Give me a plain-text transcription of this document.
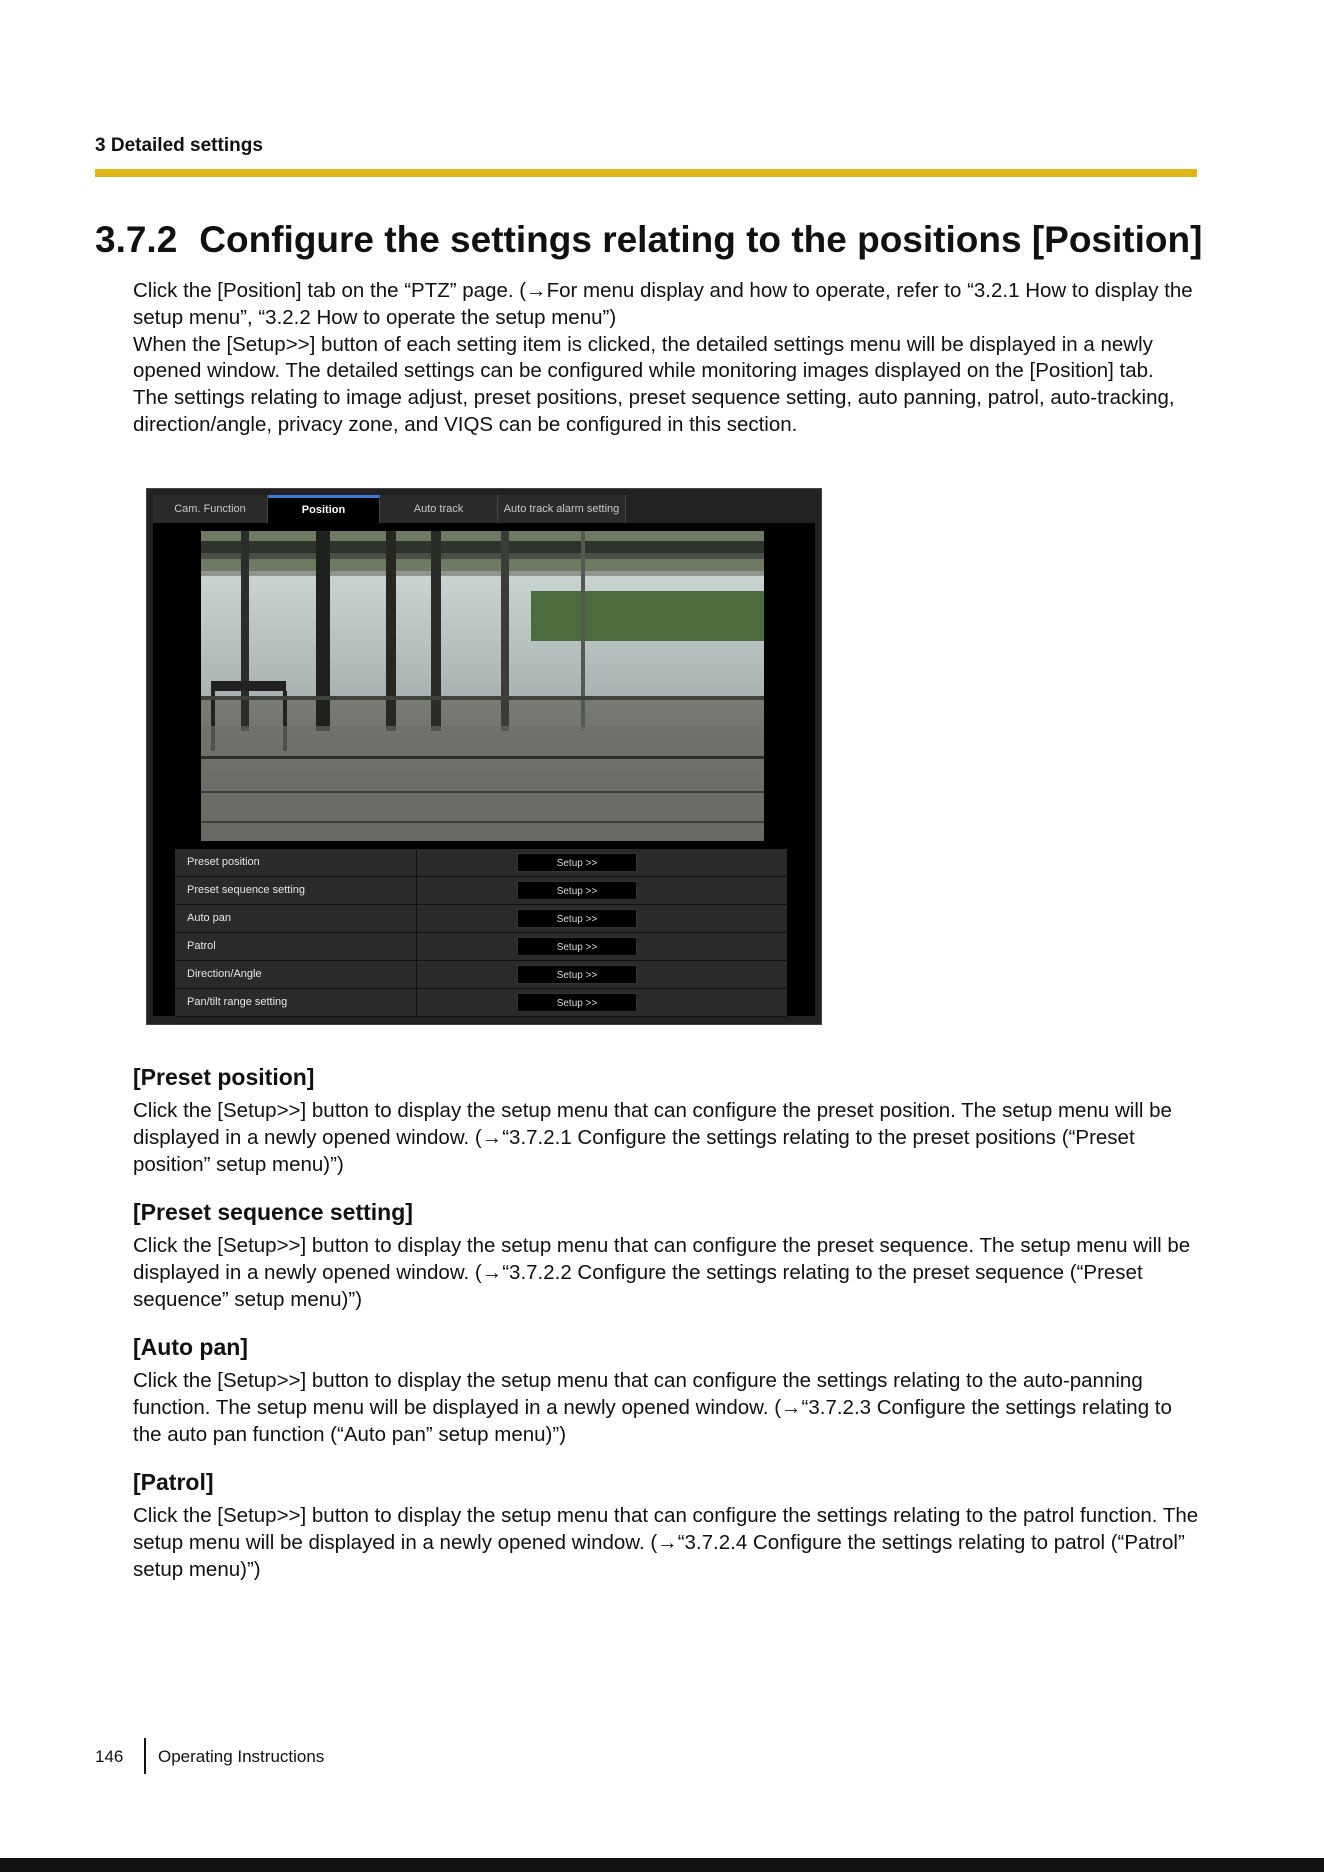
3 Detailed settings
3.7.2 Configure the settings relating to the positions [Position]

Click the [Position] tab on the “PTZ” page. (→For menu display and how to operate, refer to “3.2.1 How to display the setup menu”, “3.2.2 How to operate the setup menu”)

When the [Setup>>] button of each setting item is clicked, the detailed settings menu will be displayed in a newly opened window. The detailed settings can be configured while monitoring images displayed on the [Position] tab.

The settings relating to image adjust, preset positions, preset sequence setting, auto panning, patrol, auto-tracking, direction/angle, privacy zone, and VIQS can be configured in this section.

Cam. Function	Position	Auto track	Auto track alarm setting
Preset position	Setup >>
Preset sequence setting	Setup >>
Auto pan	Setup >>
Patrol	Setup >>
Direction/Angle	Setup >>
Pan/tilt range setting	Setup >>
[Preset position]

Click the [Setup>>] button to display the setup menu that can configure the preset position. The setup menu will be displayed in a newly opened window. (→“3.7.2.1 Configure the settings relating to the preset positions (“Preset position” setup menu)”)

[Preset sequence setting]

Click the [Setup>>] button to display the setup menu that can configure the preset sequence. The setup menu will be displayed in a newly opened window. (→“3.7.2.2 Configure the settings relating to the preset sequence (“Preset sequence” setup menu)”)

[Auto pan]

Click the [Setup>>] button to display the setup menu that can configure the settings relating to the auto-panning function. The setup menu will be displayed in a newly opened window. (→“3.7.2.3 Configure the settings relating to the auto pan function (“Auto pan” setup menu)”)

[Patrol]

Click the [Setup>>] button to display the setup menu that can configure the settings relating to the patrol function. The setup menu will be displayed in a newly opened window. (→“3.7.2.4 Configure the settings relating to patrol (“Patrol” setup menu)”)

146 Operating Instructions
